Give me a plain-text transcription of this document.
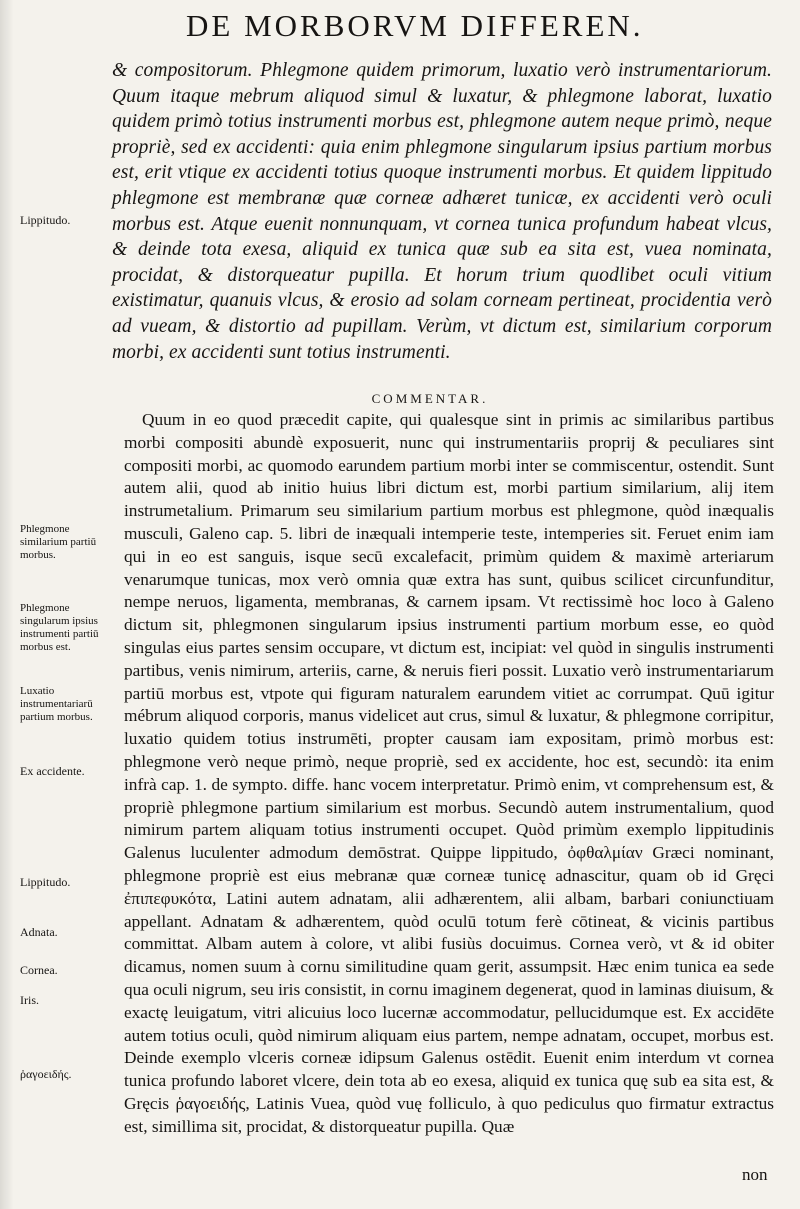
DE MORBORVM DIFFEREN.
& compositorum. Phlegmone quidem primorum, luxatio verò instrumentariorum. Quum itaque mebrum aliquod simul & luxatur, & phlegmone laborat, luxatio quidem primò totius instrumenti morbus est, phlegmone autem neque primò, neque propriè, sed ex accidenti: quia enim phlegmone singularum ipsius partium morbus est, erit vtique ex accidenti totius quoque instrumenti morbus. Et quidem lippitudo phlegmone est membranæ quæ corneæ adhæret tunicæ, ex accidenti verò oculi morbus est. Atque euenit nonnunquam, vt cornea tunica profundum habeat vlcus, & deinde tota exesa, aliquid ex tunica quæ sub ea sita est, vuea nominata, procidat, & distorqueatur pupilla. Et horum trium quodlibet oculi vitium existimatur, quanuis vlcus, & erosio ad solam corneam pertineat, procidentia verò ad vueam, & distortio ad pupillam. Verùm, vt dictum est, similarium corporum morbi, ex accidenti sunt totius instrumenti.
COMMENTAR.
Quum in eo quod præcedit capite, qui qualesque sint in primis ac similaribus partibus morbi compositi abundè exposuerit, nunc qui instrumentariis proprij & peculiares sint compositi morbi, ac quomodo earundem partium morbi inter se commiscentur, ostendit. Sunt autem alii, quod ab initio huius libri dictum est, morbi partium similarium, alij item instrumetalium. Primarum seu similarium partium morbus est phlegmone, quòd inæqualis musculi, Galeno cap. 5. libri de inæquali intemperie teste, intemperies sit. Feruet enim iam qui in eo est sanguis, isque secū excalefacit, primùm quidem & maximè arteriarum venarumque tunicas, mox verò omnia quæ extra has sunt, quibus scilicet circunfunditur, nempe neruos, ligamenta, membranas, & carnem ipsam. Vt rectissimè hoc loco à Galeno dictum sit, phlegmonen singularum ipsius instrumenti partium morbum esse, eo quòd singulas eius partes sensim occupare, vt dictum est, incipiat: vel quòd in singulis instrumenti partibus, venis nimirum, arteriis, carne, & neruis fieri possit. Luxatio verò instrumentariarum partiū morbus est, vtpote qui figuram naturalem earundem vitiet ac corrumpat. Quū igitur mébrum aliquod corporis, manus videlicet aut crus, simul & luxatur, & phlegmone corripitur, luxatio quidem totius instrumēti, propter causam iam expositam, primò morbus est: phlegmone verò neque primò, neque propriè, sed ex accidente, hoc est, secundò: ita enim infrà cap. 1. de sympto. diffe. hanc vocem interpretatur. Primò enim, vt comprehensum est, & propriè phlegmone partium similarium est morbus. Secundò autem instrumentalium, quod nimirum partem aliquam totius instrumenti occupet. Quòd primùm exemplo lippitudinis Galenus luculenter admodum demōstrat. Quippe lippitudo, ὀφθαλμίαν Græci nominant, phlegmone propriè est eius mebranæ quæ corneæ tunicę adnascitur, quam ob id Gręci ἐπιπεφυκότα, Latini autem adnatam, alii adhærentem, alii albam, barbari coniunctiuam appellant. Adnatam & adhærentem, quòd oculū totum ferè cōtineat, & vicinis partibus committat. Albam autem à colore, vt alibi fusiùs docuimus. Cornea verò, vt & id obiter dicamus, nomen suum à cornu similitudine quam gerit, assumpsit. Hæc enim tunica ea sede qua oculi nigrum, seu iris consistit, in cornu imaginem degenerat, quod in laminas diuisum, & exactę leuigatum, vitri alicuius loco lucernæ accommodatur, pellucidumque est. Ex accidēte autem totius oculi, quòd nimirum aliquam eius partem, nempe adnatam, occupet, morbus est. Deinde exemplo vlceris corneæ idipsum Galenus ostēdit. Euenit enim interdum vt cornea tunica profundo laboret vlcere, dein tota ab eo exesa, aliquid ex tunica quę sub ea sita est, & Gręcis ῥαγοειδής, Latinis Vuea, quòd vuę folliculo, à quo pediculus quo firmatur extractus est, simillima sit, procidat, & distorqueatur pupilla. Quæ
non
Lippitudo.
Phlegmone similarium partiū morbus.
Phlegmone singularum ipsius instrumenti partiū morbus est.
Luxatio instrumentariarū partium morbus.
Ex accidente.
Lippitudo.
Adnata.
Cornea.
Iris.
ῥαγοειδής.
